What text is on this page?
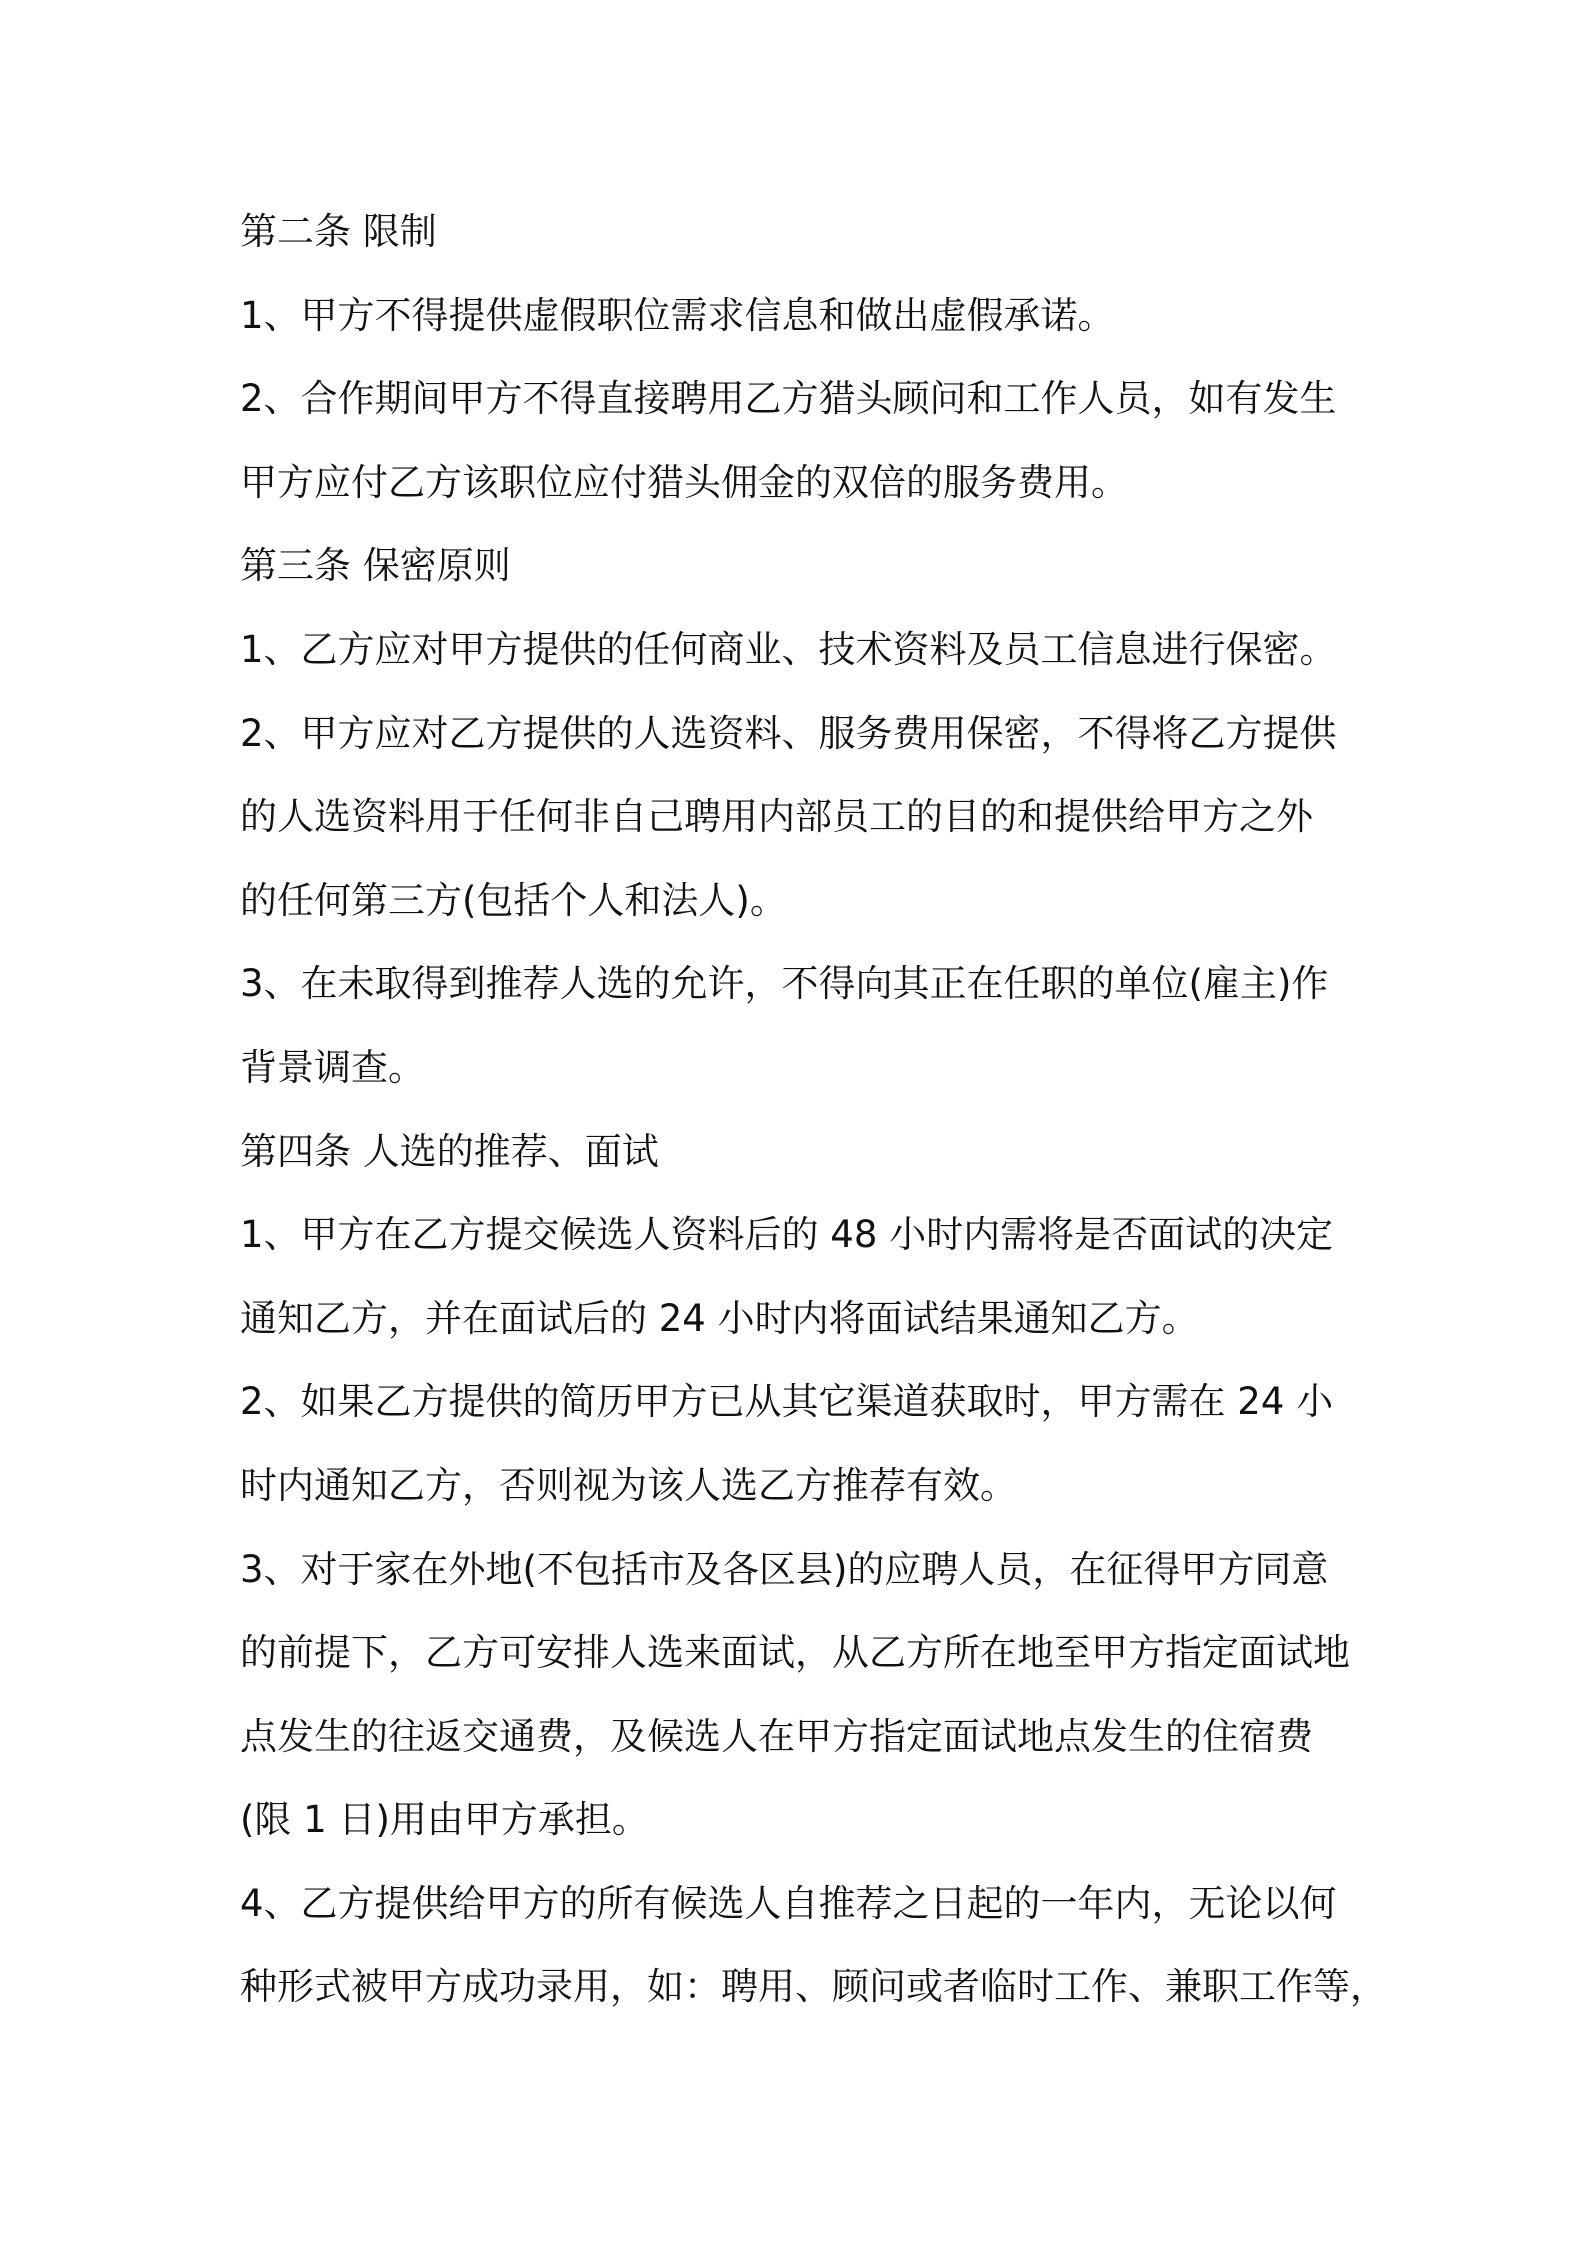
第二条 限制
1、甲方不得提供虚假职位需求信息和做出虚假承诺。
2、合作期间甲方不得直接聘用乙方猎头顾问和工作人员，如有发生
甲方应付乙方该职位应付猎头佣金的双倍的服务费用。
第三条 保密原则
1、乙方应对甲方提供的任何商业、技术资料及员工信息进行保密。
2、甲方应对乙方提供的人选资料、服务费用保密，不得将乙方提供
的人选资料用于任何非自己聘用内部员工的目的和提供给甲方之外
的任何第三方(包括个人和法人)。
3、在未取得到推荐人选的允许，不得向其正在任职的单位(雇主)作
背景调查。
第四条 人选的推荐、面试
1、甲方在乙方提交候选人资料后的 48 小时内需将是否面试的决定
通知乙方，并在面试后的 24 小时内将面试结果通知乙方。
2、如果乙方提供的简历甲方已从其它渠道获取时，甲方需在 24 小
时内通知乙方，否则视为该人选乙方推荐有效。
3、对于家在外地(不包括市及各区县)的应聘人员，在征得甲方同意
的前提下，乙方可安排人选来面试，从乙方所在地至甲方指定面试地
点发生的往返交通费，及候选人在甲方指定面试地点发生的住宿费
(限 1 日)用由甲方承担。
4、乙方提供给甲方的所有候选人自推荐之日起的一年内，无论以何
种形式被甲方成功录用，如：聘用、顾问或者临时工作、兼职工作等，
